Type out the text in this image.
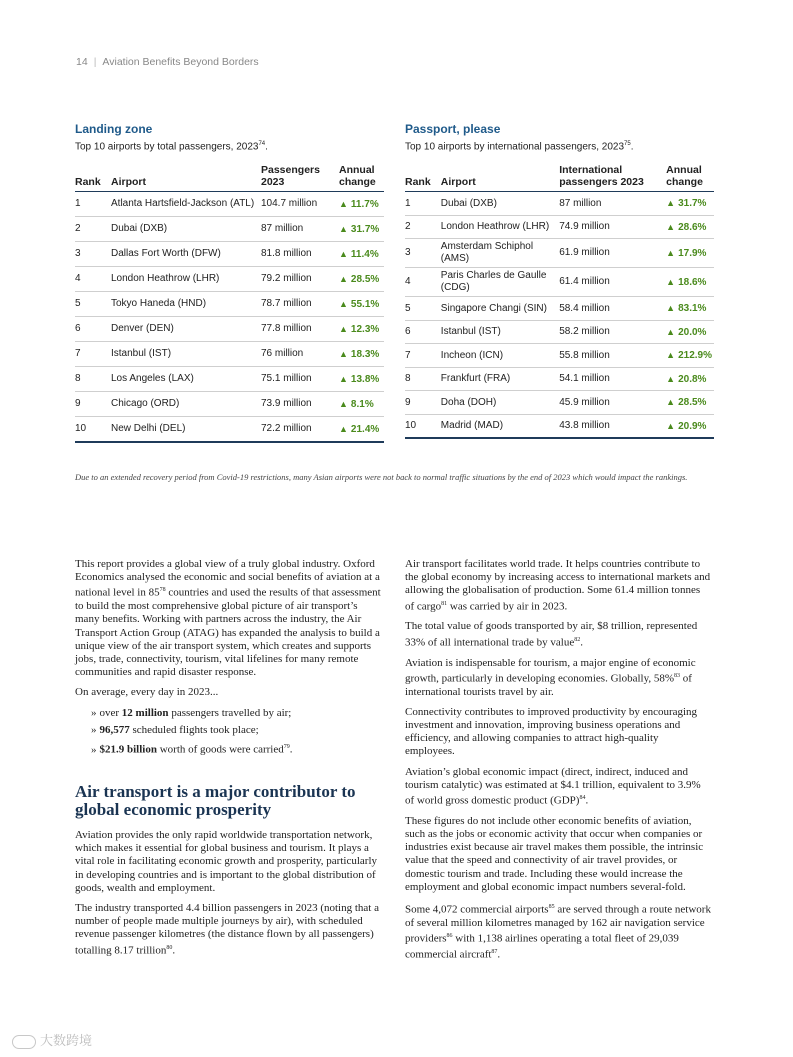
14 | Aviation Benefits Beyond Borders
Landing zone
Top 10 airports by total passengers, 2023$^{74}$.
Rank	Airport	Passengers 2023	Annual change
1	Atlanta Hartsfield-Jackson (ATL)	104.7 million	▲ 11.7%
2	Dubai (DXB)	87 million	▲ 31.7%
3	Dallas Fort Worth (DFW)	81.8 million	▲ 11.4%
4	London Heathrow (LHR)	79.2 million	▲ 28.5%
5	Tokyo Haneda (HND)	78.7 million	▲ 55.1%
6	Denver (DEN)	77.8 million	▲ 12.3%
7	Istanbul (IST)	76 million	▲ 18.3%
8	Los Angeles (LAX)	75.1 million	▲ 13.8%
9	Chicago (ORD)	73.9 million	▲ 8.1%
10	New Delhi (DEL)	72.2 million	▲ 21.4%
Passport, please
Top 10 airports by international passengers, 2023$^{75}$.
Rank	Airport	International passengers 2023	Annual change
1	Dubai (DXB)	87 million	▲ 31.7%
2	London Heathrow (LHR)	74.9 million	▲ 28.6%
3	Amsterdam Schiphol (AMS)	61.9 million	▲ 17.9%
4	Paris Charles de Gaulle (CDG)	61.4 million	▲ 18.6%
5	Singapore Changi (SIN)	58.4 million	▲ 83.1%
6	Istanbul (IST)	58.2 million	▲ 20.0%
7	Incheon (ICN)	55.8 million	▲ 212.9%
8	Frankfurt (FRA)	54.1 million	▲ 20.8%
9	Doha (DOH)	45.9 million	▲ 28.5%
10	Madrid (MAD)	43.8 million	▲ 20.9%
Due to an extended recovery period from Covid-19 restrictions, many Asian airports were not back to normal traffic situations by the end of 2023 which would impact the rankings.

This report provides a global view of a truly global industry. Oxford Economics analysed the economic and social benefits of aviation at a national level in $85^{78}$ countries and used the results of that assessment to build the most comprehensive global picture of air transport’s many benefits. Working with partners across the industry, the Air Transport Action Group (ATAG) has expanded the analysis to build a unique view of the air transport system, which creates and supports jobs, trade, connectivity, tourism, vital lifelines for many remote communities and rapid disaster response.

On average, every day in 2023...

» over 12 million passengers travelled by air;
» 96,577 scheduled flights took place;
» $21.9 billion worth of goods were carried$^{79}$.
Air transport is a major contributor to global economic prosperity

Aviation provides the only rapid worldwide transportation network, which makes it essential for global business and tourism. It plays a vital role in facilitating economic growth and prosperity, particularly in developing countries and is important to the global distribution of goods, wealth and employment.

The industry transported 4.4 billion passengers in 2023 (noting that a number of people made multiple journeys by air), with scheduled revenue passenger kilometres (the distance flown by all passengers) totalling 8.17 trillion$^{80}$.

Air transport facilitates world trade. It helps countries contribute to the global economy by increasing access to international markets and allowing the globalisation of production. Some 61.4 million tonnes of cargo$^{81}$ was carried by air in 2023.

The total value of goods transported by air, $8 trillion, represented 33% of all international trade by value$^{82}$.

Aviation is indispensable for tourism, a major engine of economic growth, particularly in developing economies. Globally, 58%$^{83}$ of international tourists travel by air.

Connectivity contributes to improved productivity by encouraging investment and innovation, improving business operations and efficiency, and allowing companies to attract high-quality employees.

Aviation’s global economic impact (direct, indirect, induced and tourism catalytic) was estimated at $4.1 trillion, equivalent to 3.9% of world gross domestic product (GDP)$^{84}$.

These figures do not include other economic benefits of aviation, such as the jobs or economic activity that occur when companies or industries exist because air travel makes them possible, the intrinsic value that the speed and connectivity of air travel provides, or domestic tourism and trade. Including these would increase the employment and global economic impact numbers several-fold.

Some 4,072 commercial airports$^{85}$ are served through a route network of several million kilometres managed by 162 air navigation service providers$^{86}$ with 1,138 airlines operating a total fleet of 29,039 commercial aircraft$^{87}$.

大数跨境
